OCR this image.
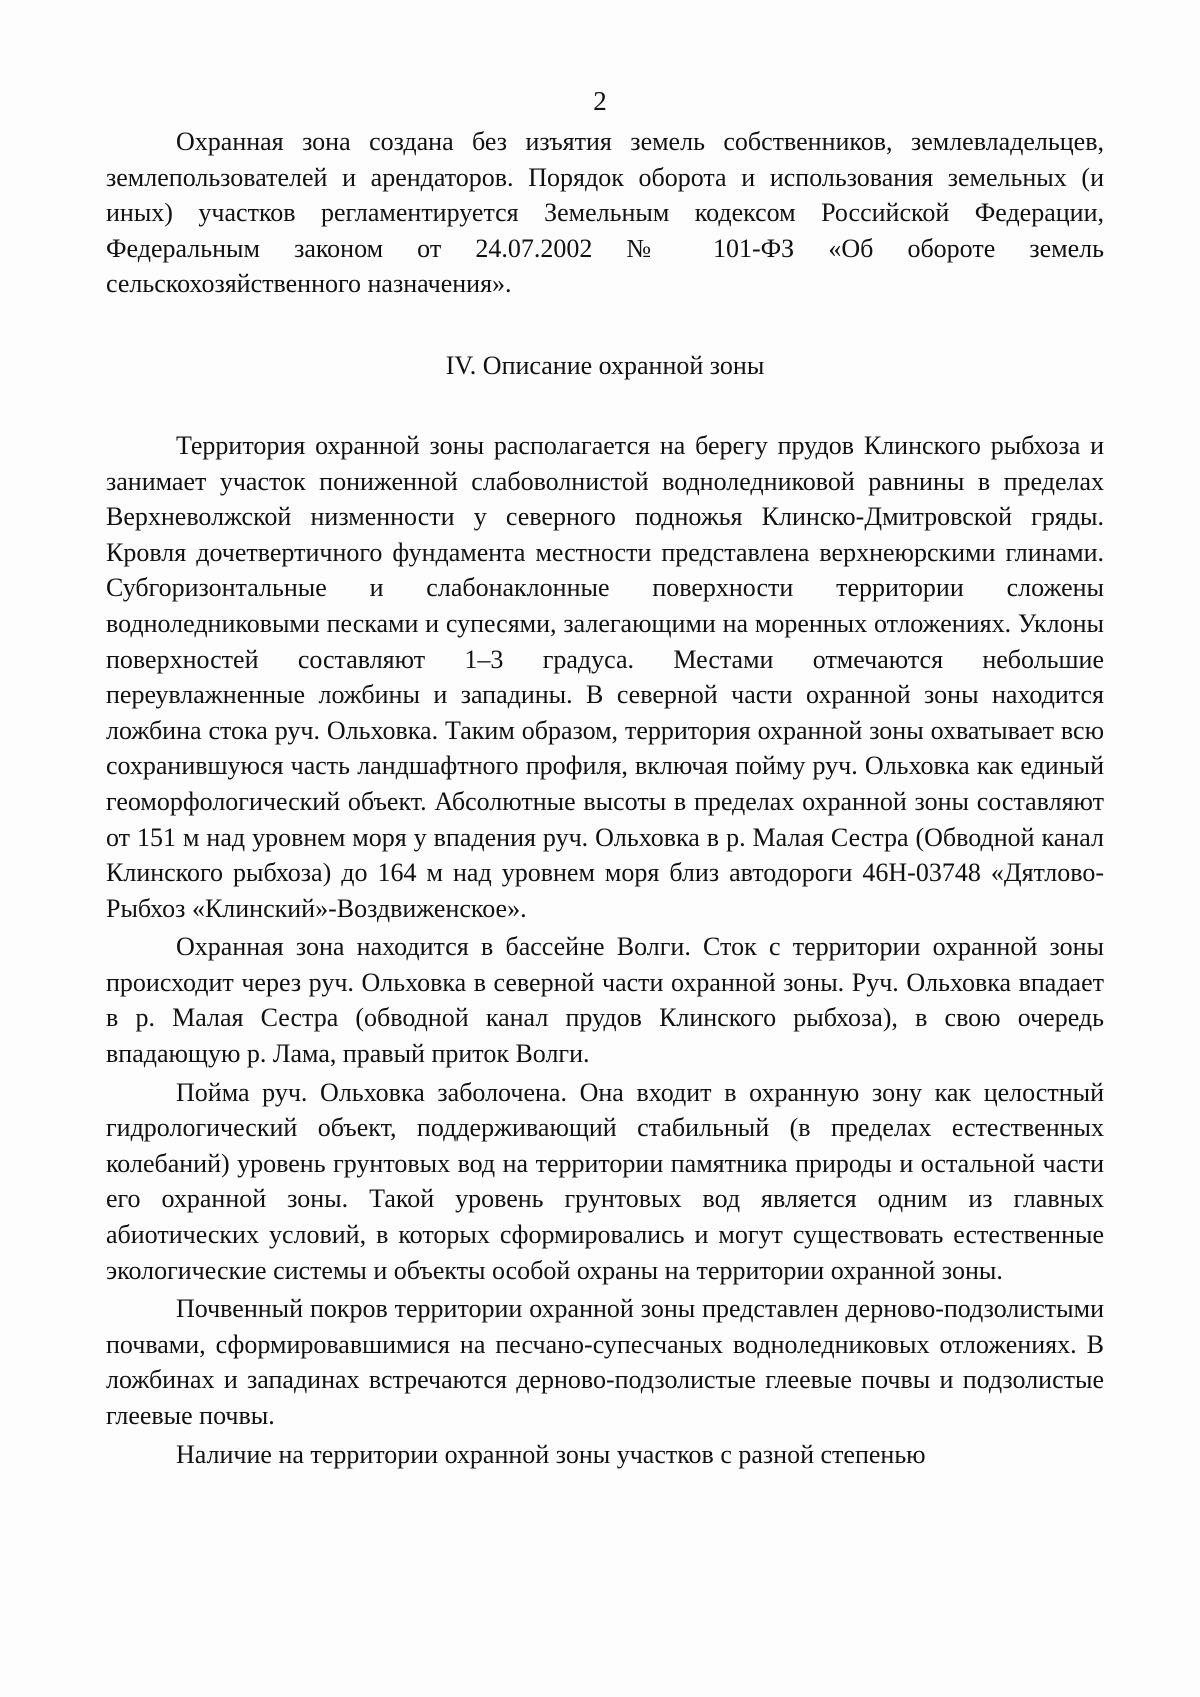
2

Охранная зона создана без изъятия земель собственников, землевладельцев, землепользователей и арендаторов. Порядок оборота и использования земельных (и иных) участков регламентируется Земельным кодексом Российской Федерации, Федеральным законом от 24.07.2002 № 101-ФЗ «Об обороте земель сельскохозяйственного назначения».

IV. Описание охранной зоны

Территория охранной зоны располагается на берегу прудов Клинского рыбхоза и занимает участок пониженной слабоволнистой водноледниковой равнины в пределах Верхневолжской низменности у северного подножья Клинско-Дмитровской гряды. Кровля дочетвертичного фундамента местности представлена верхнеюрскими глинами. Субгоризонтальные и слабонаклонные поверхности территории сложены водноледниковыми песками и супесями, залегающими на моренных отложениях. Уклоны поверхностей составляют 1–3 градуса. Местами отмечаются небольшие переувлажненные ложбины и западины. В северной части охранной зоны находится ложбина стока руч. Ольховка. Таким образом, территория охранной зоны охватывает всю сохранившуюся часть ландшафтного профиля, включая пойму руч. Ольховка как единый геоморфологический объект. Абсолютные высоты в пределах охранной зоны составляют от 151 м над уровнем моря у впадения руч. Ольховка в р. Малая Сестра (Обводной канал Клинского рыбхоза) до 164 м над уровнем моря близ автодороги 46Н-03748 «Дятлово-Рыбхоз «Клинский»-Воздвиженское».

Охранная зона находится в бассейне Волги. Сток с территории охранной зоны происходит через руч. Ольховка в северной части охранной зоны. Руч. Ольховка впадает в р. Малая Сестра (обводной канал прудов Клинского рыбхоза), в свою очередь впадающую р. Лама, правый приток Волги.

Пойма руч. Ольховка заболочена. Она входит в охранную зону как целостный гидрологический объект, поддерживающий стабильный (в пределах естественных колебаний) уровень грунтовых вод на территории памятника природы и остальной части его охранной зоны. Такой уровень грунтовых вод является одним из главных абиотических условий, в которых сформировались и могут существовать естественные экологические системы и объекты особой охраны на территории охранной зоны.

Почвенный покров территории охранной зоны представлен дерново-подзолистыми почвами, сформировавшимися на песчано-супесчаных водноледниковых отложениях. В ложбинах и западинах встречаются дерново-подзолистые глеевые почвы и подзолистые глеевые почвы.

Наличие на территории охранной зоны участков с разной степенью
